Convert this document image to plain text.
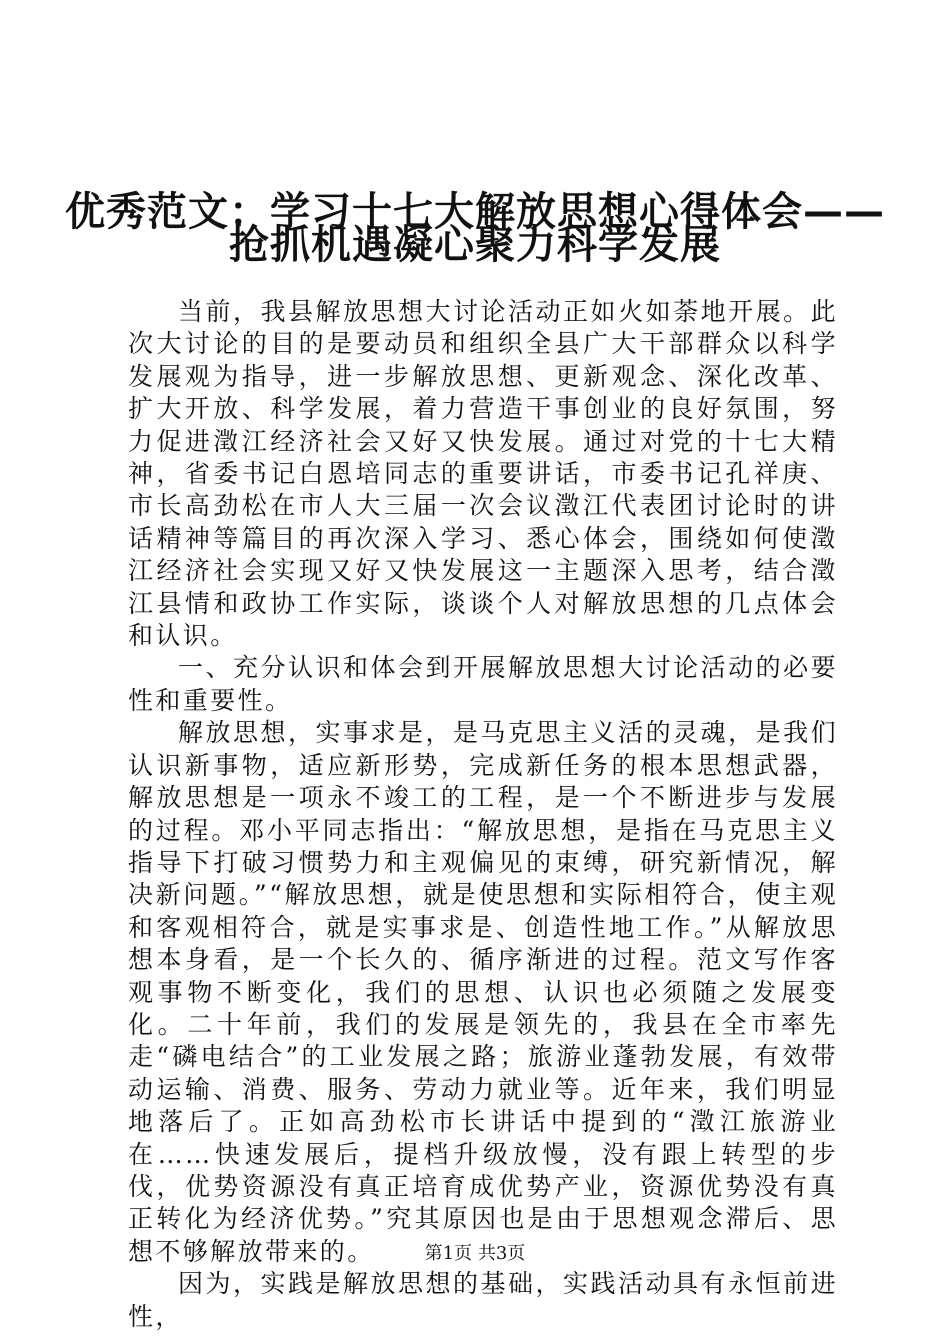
优秀范文：学习十七大解放思想心得体会——
抢抓机遇凝心聚力科学发展

当前，我县解放思想大讨论活动正如火如荼地开展。此次大讨论的目的是要动员和组织全县广大干部群众以科学发展观为指导，进一步解放思想、更新观念、深化改革、扩大开放、科学发展，着力营造干事创业的良好氛围，努力促进澂江经济社会又好又快发展。通过对党的十七大精神，省委书记白恩培同志的重要讲话，市委书记孔祥庚、市长高劲松在市人大三届一次会议澂江代表团讨论时的讲话精神等篇目的再次深入学习、悉心体会，围绕如何使澂江经济社会实现又好又快发展这一主题深入思考，结合澂江县情和政协工作实际，谈谈个人对解放思想的几点体会和认识。

一、充分认识和体会到开展解放思想大讨论活动的必要性和重要性。

解放思想，实事求是，是马克思主义活的灵魂，是我们认识新事物，适应新形势，完成新任务的根本思想武器，解放思想是一项永不竣工的工程，是一个不断进步与发展的过程。邓小平同志指出：“解放思想，是指在马克思主义指导下打破习惯势力和主观偏见的束缚，研究新情况，解决新问题。”“解放思想，就是使思想和实际相符合，使主观和客观相符合，就是实事求是、创造性地工作。”从解放思想本身看，是一个长久的、循序渐进的过程。范文写作客观事物不断变化，我们的思想、认识也必须随之发展变化。二十年前，我们的发展是领先的，我县在全市率先走“磷电结合”的工业发展之路；旅游业蓬勃发展，有效带动运输、消费、服务、劳动力就业等。近年来，我们明显地落后了。正如高劲松市长讲话中提到的“澂江旅游业在……快速发展后，提档升级放慢，没有跟上转型的步伐，优势资源没有真正培育成优势产业，资源优势没有真正转化为经济优势。”究其原因也是由于思想观念滞后、思想不够解放带来的。

因为，实践是解放思想的基础，实践活动具有永恒前进性，

第1页 共3页
